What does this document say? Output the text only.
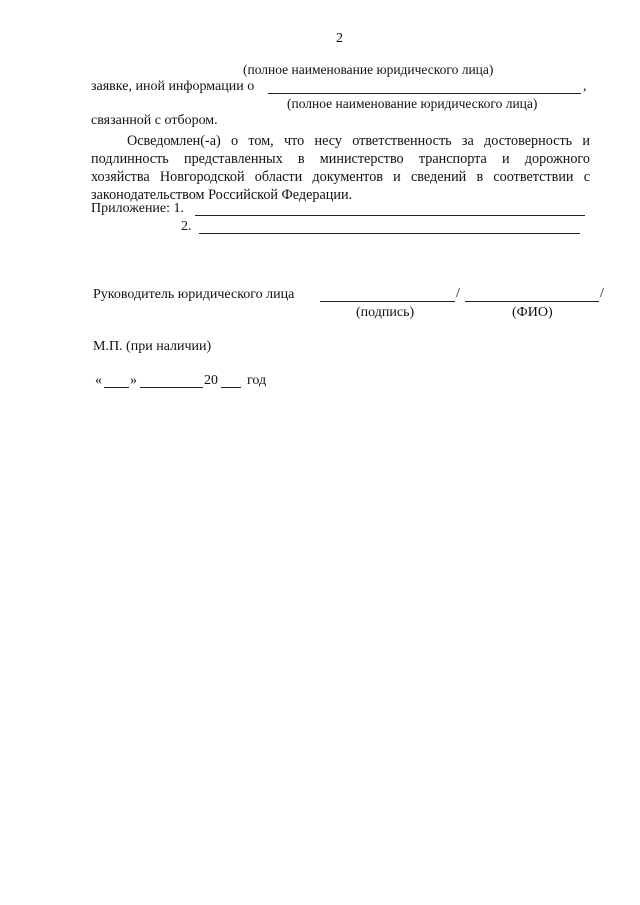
2
(полное наименование юридического лица)
заявке, иной информации о	,
(полное наименование юридического лица)
связанной с отбором.
Осведомлен(-а) о том, что несу ответственность за достоверность и
подлинность представленных в министерство транспорта и дорожного
хозяйства Новгородской области документов и сведений в соответствии с
законодательством Российской Федерации.
Приложение: 1.
2.
Руководитель юридического лица	/	/
(подпись)	(ФИО)
М.П. (при наличии)
« »	20 год
